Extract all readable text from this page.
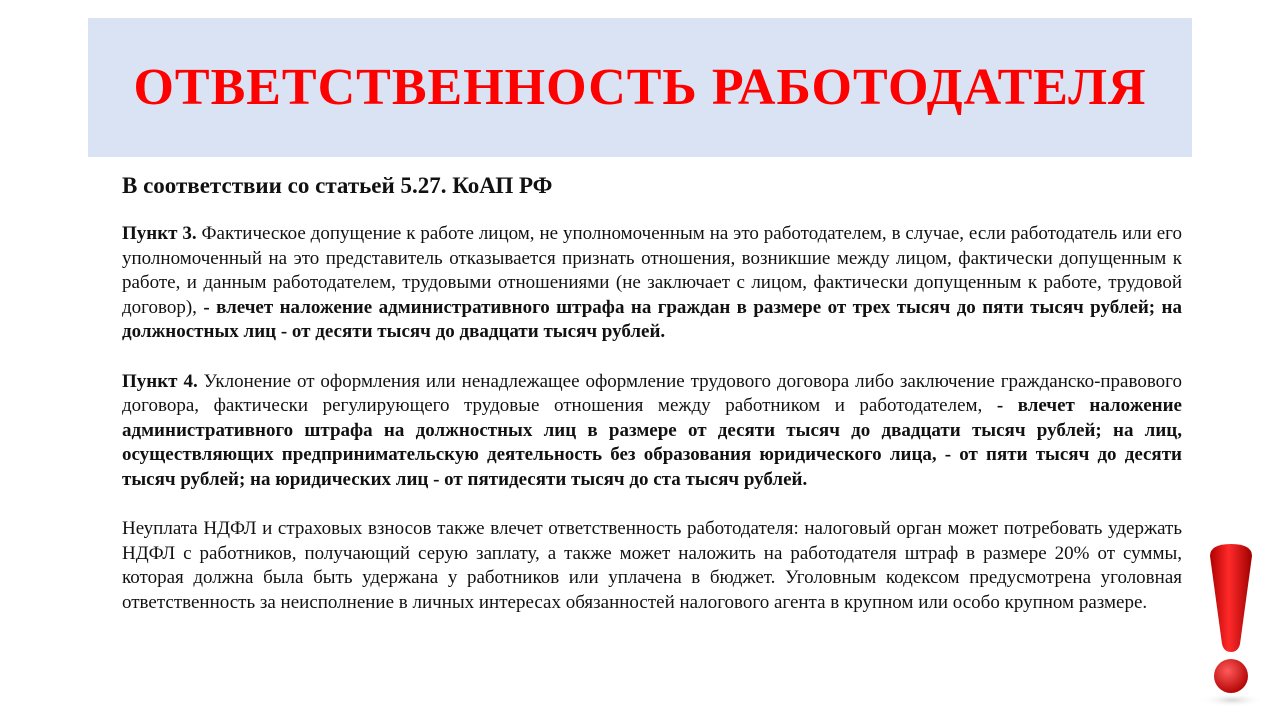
ОТВЕТСТВЕННОСТЬ РАБОТОДАТЕЛЯ

В соответствии со статьей 5.27. КоАП РФ

Пункт 3. Фактическое допущение к работе лицом, не уполномоченным на это работодателем, в случае, если работодатель или его уполномоченный на это представитель отказывается признать отношения, возникшие между лицом, фактически допущенным к работе, и данным работодателем, трудовыми отношениями (не заключает с лицом, фактически допущенным к работе, трудовой договор), - влечет наложение административного штрафа на граждан в размере от трех тысяч до пяти тысяч рублей; на должностных лиц - от десяти тысяч до двадцати тысяч рублей.

Пункт 4. Уклонение от оформления или ненадлежащее оформление трудового договора либо заключение гражданско-правового договора, фактически регулирующего трудовые отношения между работником и работодателем, - влечет наложение административного штрафа на должностных лиц в размере от десяти тысяч до двадцати тысяч рублей; на лиц, осуществляющих предпринимательскую деятельность без образования юридического лица, - от пяти тысяч до десяти тысяч рублей; на юридических лиц - от пятидесяти тысяч до ста тысяч рублей.

Неуплата НДФЛ и страховых взносов также влечет ответственность работодателя: налоговый орган может потребовать удержать НДФЛ с работников, получающий серую заплату, а также может наложить на работодателя штраф в размере 20% от суммы, которая должна была быть удержана у работников или уплачена в бюджет. Уголовным кодексом предусмотрена уголовная ответственность за неисполнение в личных интересах обязанностей налогового агента в крупном или особо крупном размере.
